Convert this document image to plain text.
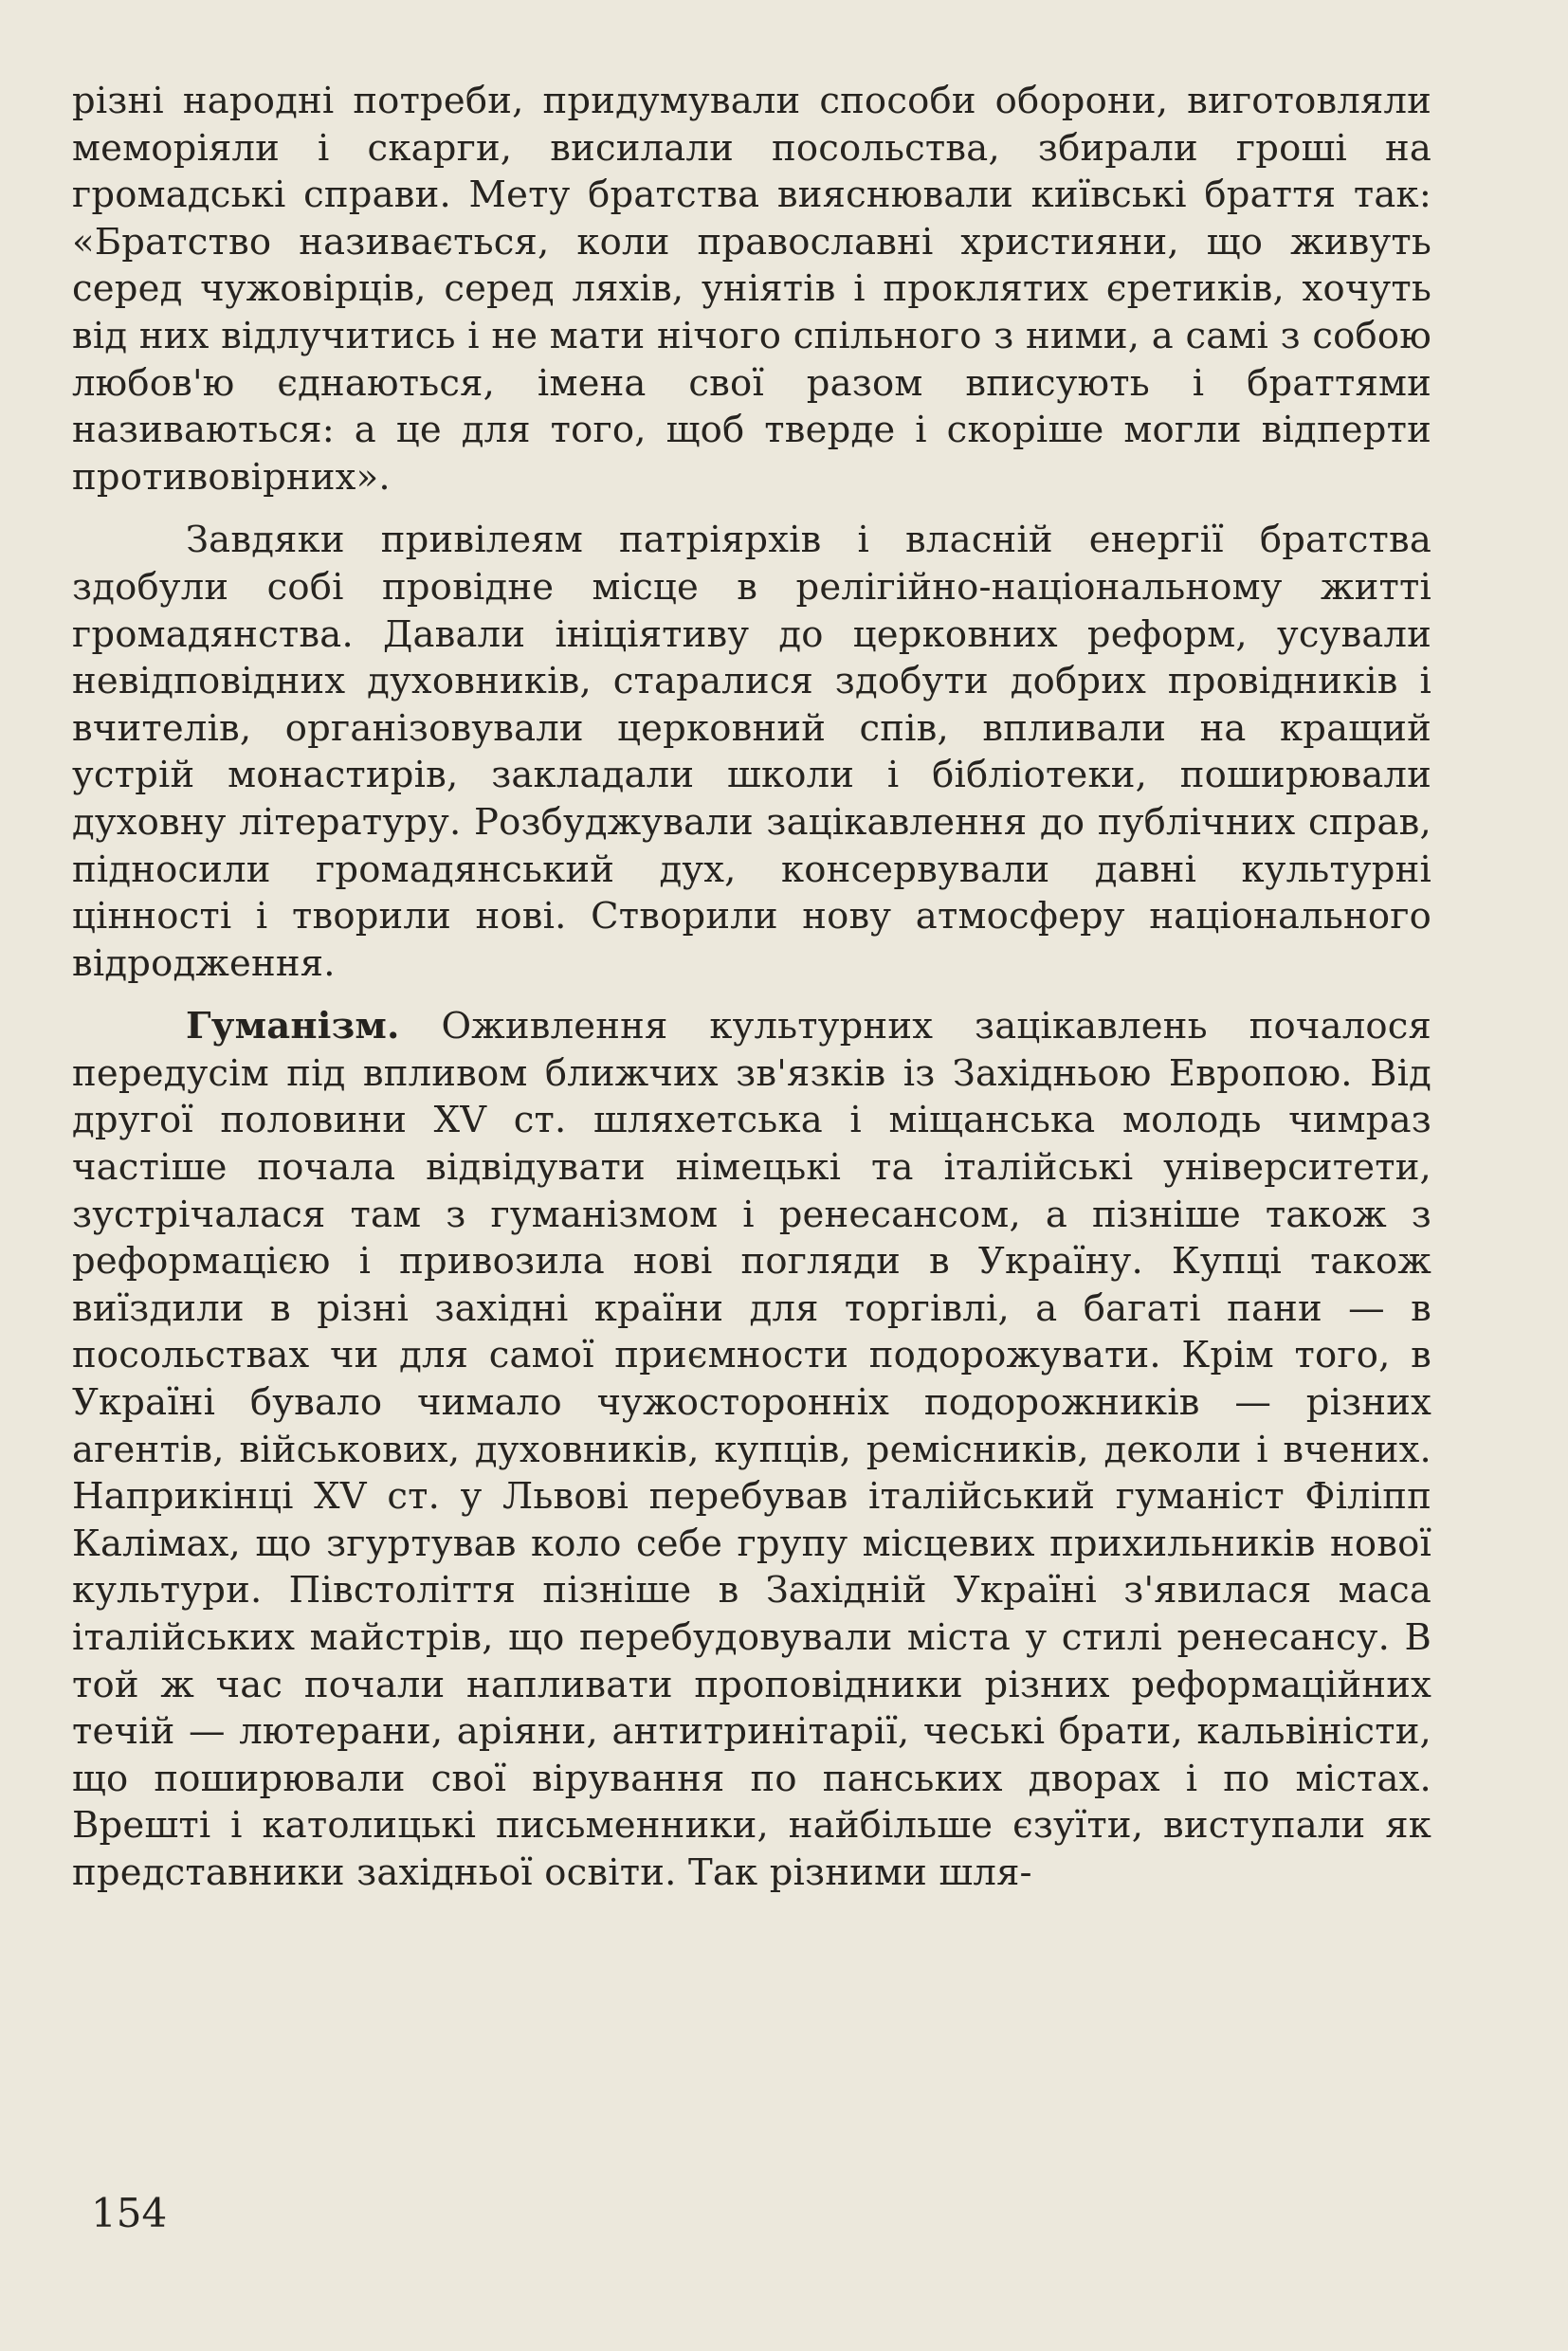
різні народні потреби, придумували способи оборони, виготовляли меморіяли і скарги, висилали посольства, збирали гроші на громадські справи. Мету братства вияснювали київські браття так: «Братство називається, коли православні християни, що живуть серед чужовірців, серед ляхів, уніятів і проклятих єретиків, хочуть від них відлучитись і не мати нічого спільного з ними, а самі з собою любов'ю єднаються, імена свої разом вписують і браттями називаються: а це для того, щоб тверде і скоріше могли відперти противовірних».

Завдяки привілеям патріярхів і власній енергії братства здобули собі провідне місце в релігійно-національному житті громадянства. Давали ініціятиву до церковних реформ, усували невідповідних духовників, старалися здобути добрих провідників і вчителів, організовували церковний спів, впливали на кращий устрій монастирів, закладали школи і бібліотеки, поширювали духовну літературу. Розбуджували зацікавлення до публічних справ, підносили громадянський дух, консервували давні культурні цінності і творили нові. Створили нову атмосферу національного відродження.

Гуманізм. Оживлення культурних зацікавлень почалося передусім під впливом ближчих зв'язків із Західньою Европою. Від другої половини XV ст. шляхетська і міщанська молодь чимраз частіше почала відвідувати німецькі та італійські університети, зустрічалася там з гуманізмом і ренесансом, а пізніше також з реформацією і привозила нові погляди в Україну. Купці також виїздили в різні західні країни для торгівлі, а багаті пани — в посольствах чи для самої приємности подорожувати. Крім того, в Україні бувало чимало чужосторонніх подорожників — різних агентів, військових, духовників, купців, ремісників, деколи і вчених. Наприкінці XV ст. у Львові перебував італійський гуманіст Філіпп Калімах, що згуртував коло себе групу місцевих прихильників нової культури. Півстоліття пізніше в Західній Україні з'явилася маса італійських майстрів, що перебудовували міста у стилі ренесансу. В той ж час почали напливати проповідники різних реформаційних течій — лютерани, аріяни, антитринітарії, чеські брати, кальвіністи, що поширювали свої вірування по панських дворах і по містах. Врешті і католицькі письменники, найбільше єзуїти, виступали як представники західньої освіти. Так різними шля-

154
